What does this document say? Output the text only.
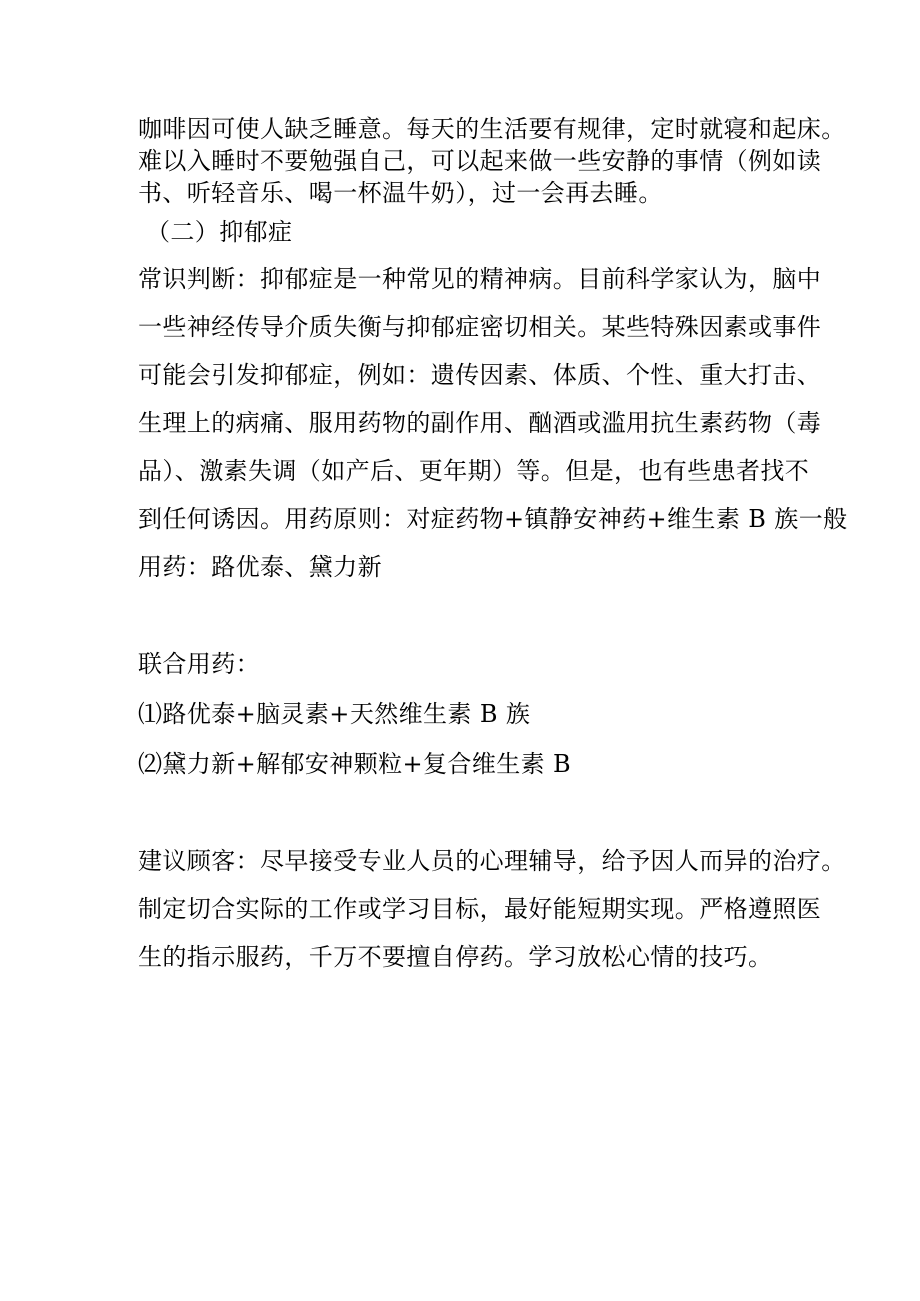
咖啡因可使人缺乏睡意。每天的生活要有规律，定时就寝和起床。
难以入睡时不要勉强自己，可以起来做一些安静的事情（例如读
书、听轻音乐、喝一杯温牛奶），过一会再去睡。
（二）抑郁症
常识判断：抑郁症是一种常见的精神病。目前科学家认为，脑中
一些神经传导介质失衡与抑郁症密切相关。某些特殊因素或事件
可能会引发抑郁症，例如：遗传因素、体质、个性、重大打击、
生理上的病痛、服用药物的副作用、酗酒或滥用抗生素药物（毒
品）、激素失调（如产后、更年期）等。但是，也有些患者找不
到任何诱因。用药原则：对症药物+镇静安神药+维生素 B 族一般
用药：路优泰、黛力新
联合用药：
⑴路优泰+脑灵素+天然维生素 B 族
⑵黛力新+解郁安神颗粒+复合维生素 B
建议顾客：尽早接受专业人员的心理辅导，给予因人而异的治疗。
制定切合实际的工作或学习目标，最好能短期实现。严格遵照医
生的指示服药，千万不要擅自停药。学习放松心情的技巧。
